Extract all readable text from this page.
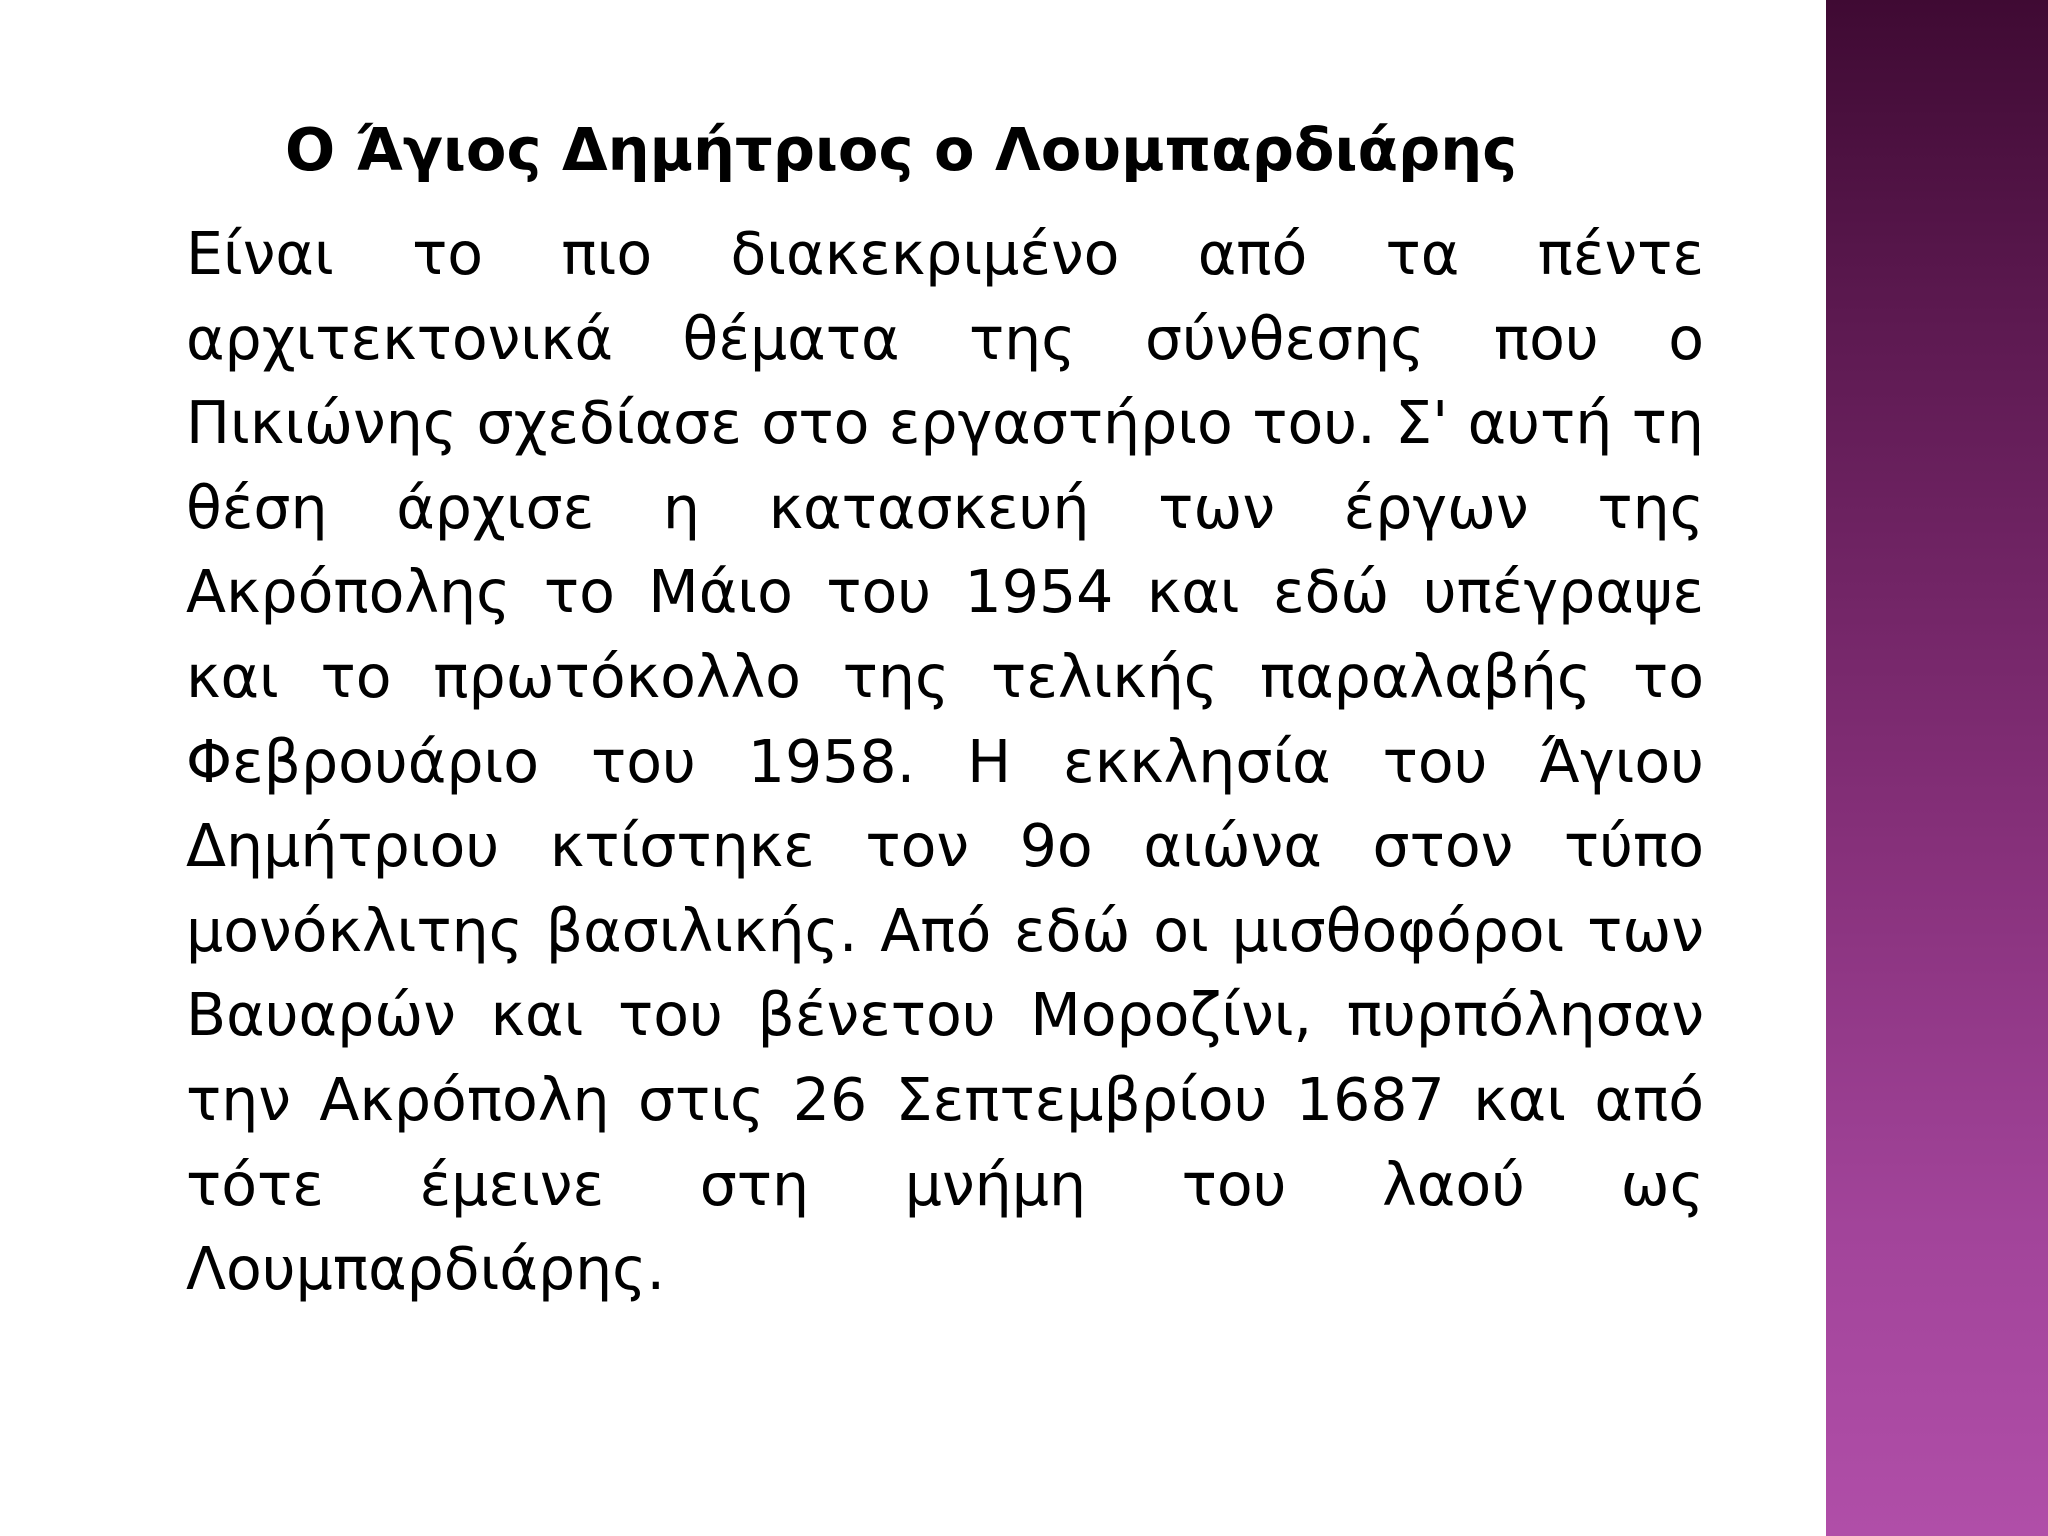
Ο Άγιος Δημήτριος ο Λουμπαρδιάρης

Είναι το πιο διακεκριμένο από τα πέντε αρχιτεκτονικά θέματα της σύνθεσης που ο Πικιώνης σχεδίασε στο εργαστήριο του. Σ' αυτή τη θέση άρχισε η κατασκευή των έργων της Ακρόπολης το Μάιο του 1954 και εδώ υπέγραψε και το πρωτόκολλο της τελικής παραλαβής το Φεβρουάριο του 1958. Η εκκλησία του Άγιου Δημήτριου κτίστηκε τον 9ο αιώνα στον τύπο μονόκλιτης βασιλικής. Από εδώ οι μισθοφόροι των Βαυαρών και του βένετου Μοροζίνι, πυρπόλησαν την Ακρόπολη στις 26 Σεπτεμβρίου 1687 και από τότε έμεινε στη μνήμη του λαού ως Λουμπαρδιάρης.
